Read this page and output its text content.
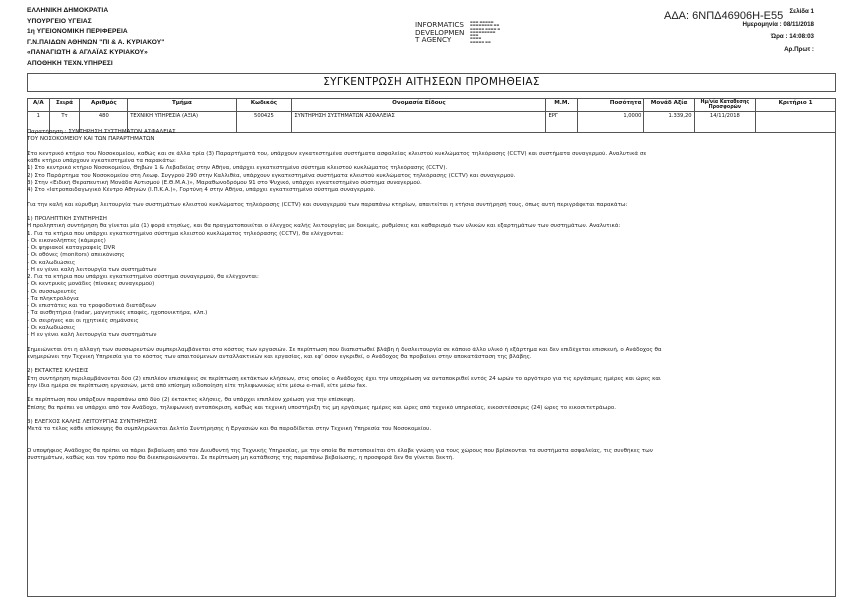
ΕΛΛΗΝΙΚΗ ΔΗΜΟΚΡΑΤΙΑ
ΥΠΟΥΡΓΕΙΟ ΥΓΕΙΑΣ
1η ΥΓΕΙΟΝΟΜΙΚΗ ΠΕΡΙΦΕΡΕΙΑ
Γ.Ν.ΠΑΙΔΩΝ ΑΘΗΝΩΝ "ΠΙ & Α. ΚΥΡΙΑΚΟΥ"
«ΠΑΝΑΓΙΩΤΗ & ΑΓΛΑΪΑΣ ΚΥΡΙΑΚΟΥ»
ΑΠΟΘΗΚΗ ΤΕΧΝ.ΥΠΗΡΕΣΙ
INFORMATICS
DEVELOPMEN
T AGENCY
▬▬▬ ▬▬▬▬▬
▬▬▬▬▬▬▬▬ ▬▬
▬▬▬▬▬ ▬▬▬▬ ▬
▬▬▬▬▬▬▬▬▬
▬▬▬
▬▬▬▬
▬▬▬▬▬ ▬▬
ΑΔΑ: 6ΝΠΔ46906Η-Ε55	Σελίδα 1
Ημερομηνία : 08/11/2018
Ώρα : 14:08:03
Αρ.Πρωτ :
ΣΥΓΚΕΝΤΡΩΣΗ ΑΙΤΗΣΕΩΝ ΠΡΟΜΗΘΕΙΑΣ
Α/Α	Σειρά	Αριθμός	Τμήμα	Κωδικός	Ονομασία Είδους	Μ.Μ.	Ποσότητα	Μονάδ Αξία	Ημ/νία Καταθεσης Προσφορών	Κριτήριο 1
1	Ττ	480	ΤΕΧΝΙΚΗ ΥΠΗΡΕΣΙΑ (ΑΞΙΑ)	500425	ΣΥΝΤΗΡΗΣΗ ΣΥΣΤΗΜΑΤΩΝ ΑΣΦΑΛΕΙΑΣ	ΕΡΓ	1,0000	1.339,20	14/11/2018	
Παρατήρηση : ΣΥΝΤΗΡΗΣΗ ΣΥΣΤΗΜΑΤΩΝ ΑΣΦΑΛΕΙΑΣ
ΤΟΥ ΝΟΣΟΚΟΜΕΙΟΥ ΚΑΙ ΤΩΝ ΠΑΡΑΡΤΗΜΑΤΩΝ

Στο κεντρικό κτήριο του Νοσοκομείου, καθώς και σε άλλα τρία (3) Παραρτήματά του, υπάρχουν εγκατεστημένα συστήματα ασφαλείας κλειστού κυκλώματος τηλεόρασης (CCTV) και συστήματα συναγερμού. Αναλυτικά σε
κάθε κτήριο υπάρχουν εγκατεστημένα τα παρακάτω:
1) Στο κεντρικό κτήριο Νοσοκομείου, Θηβών 1 & Λεβαδείας στην Αθήνα, υπάρχει εγκατεστημένο σύστημα κλειστού κυκλώματος τηλεόρασης (CCTV).
2) Στο Παράρτημα του Νοσοκομείου στη Λεωφ. Συγγρού 290 στην Καλλιθέα, υπάρχουν εγκατεστημένα συστήματα κλειστού κυκλώματος τηλεόρασης (CCTV) και συναγερμού.
3) Στην «Ειδική Θεραπευτική Μονάδα Αυτισμού (Ε.Θ.Μ.Α.)», Μαραθωνοδρόμου 91 στο Ψυχικό, υπάρχει εγκατεστημένο σύστημα συναγερμού.
4) Στο «Ιατροπαιδαγωγικό Κέντρο Αθηνών (Ι.Π.Κ.Α.)», Γορτύνη 4 στην Αθήνα, υπάρχει εγκατεστημένο σύστημα συναγερμού.

Για την καλή και εύρυθμη λειτουργία των συστημάτων κλειστού κυκλώματος τηλεόρασης (CCTV) και συναγερμού των παραπάνω κτηρίων, απαιτείται η ετήσια συντήρησή τους, όπως αυτή περιγράφεται παρακάτω:

1) ΠΡΟΛΗΠΤΙΚΗ ΣΥΝΤΗΡΗΣΗ
Η προληπτική συντήρηση θα γίνεται μία (1) φορά ετησίως, και θα πραγματοποιείται ο έλεγχος καλής λειτουργίας με δοκιμές, ρυθμίσεις και καθαρισμό των υλικών και εξαρτημάτων των συστημάτων. Αναλυτικά:
1. Για τα κτήρια που υπάρχει εγκατεστημένο σύστημα κλειστού κυκλώματος τηλεόρασης (CCTV), θα ελέγχονται:
- Οι εικονολήπτες (κάμερες)
- Οι ψηφιακοί καταγραφείς DVR
- Οι οθόνες (monitors) απεικόνισης
- Οι καλωδιώσεις
- Η εν γένει καλή λειτουργία των συστημάτων
2. Για τα κτήρια που υπάρχει εγκατεστημένο σύστημα συναγερμού, θα ελέγχονται:
- Οι κεντρικές μονάδες (πίνακες συναγερμού)
- Οι συσσωρευτές
- Τα πληκτρολόγια
- Οι επιστάτες και τα τροφοδοτικά διατάξεων
- Τα αισθητήρια (radar, μαγνητικές επαφές, ηχοπονικτήρα, κλπ.)
- Οι σειρήνες και οι ηχητικές σημάνσεις
- Οι καλωδιώσεις
- Η εν γένει καλή λειτουργία των συστημάτων

Σημειώνεται ότι η αλλαγή των συσσωρευτών συμπεριλαμβάνεται στο κόστος των εργασιών. Σε περίπτωση που διαπιστωθεί βλάβη ή δυσλειτουργία σε κάποιο άλλο υλικό ή εξάρτημα και δεν επιδέχεται επισκευή, ο Ανάδοχος θα
ενημερώνει την Τεχνική Υπηρεσία για το κόστος των απαιτούμενων ανταλλακτικών και εργασίας, και εφ' όσον εγκριθεί, ο Ανάδοχος θα προβαίνει στην αποκατάσταση της βλάβης.

2) ΕΚΤΑΚΤΕΣ ΚΛΗΣΕΙΣ
Στη συντήρηση περιλαμβάνονται δύο (2) επιπλέον επισκέψεις σε περίπτωση εκτάκτων κλήσεων, στις οποίες ο Ανάδοχος έχει την υποχρέωση να ανταποκριθεί εντός 24 ωρών το αργότερο για τις εργάσιμες ημέρες και ώρες και
την ίδια ημέρα σε περίπτωση εργασιών, μετά από επίσημη ειδοποίηση είτε τηλεφωνικώς είτε μέσω e-mail, είτε μέσω fax.

Σε περίπτωση που υπάρξουν παραπάνω από δύο (2) έκτακτες κλήσεις, θα υπάρχει επιπλέον χρέωση για την επίσκεψη.
Επίσης θα πρέπει να υπάρχει από τον Ανάδοχο, τηλεφωνική ανταπόκριση, καθώς και τεχνική υποστήριξη τις μη εργάσιμες ημέρες και ώρες από τεχνικό υπηρεσίας, εικοσιτέσσερις (24) ώρες το εικοσιτετράωρο.

3) ΕΛΕΓΧΟΣ ΚΑΛΗΣ ΛΕΙΤΟΥΡΓΙΑΣ ΣΥΝΤΗΡΗΣΗΣ
Μετά το τέλος κάθε επίσκεψης θα συμπληρώνεται Δελτίο Συντήρησης ή Εργασιών και θα παραδίδεται στην Τεχνική Υπηρεσία του Νοσοκομείου.

Ο υποψήφιος Ανάδοχος θα πρέπει να πάρει βεβαίωση από τον Διευθυντή της Τεχνικής Υπηρεσίας, με την οποία θα πιστοποιείται ότι έλαβε γνώση για τους χώρους που βρίσκονται τα συστήματα ασφαλείας, τις συνθήκες των
συστημάτων, καθώς και τον τρόπο που θα διεκπεραιώνονται. Σε περίπτωση μη κατάθεσης της παραπάνω βεβαίωσης, η προσφορά δεν θα γίνεται δεκτή.
